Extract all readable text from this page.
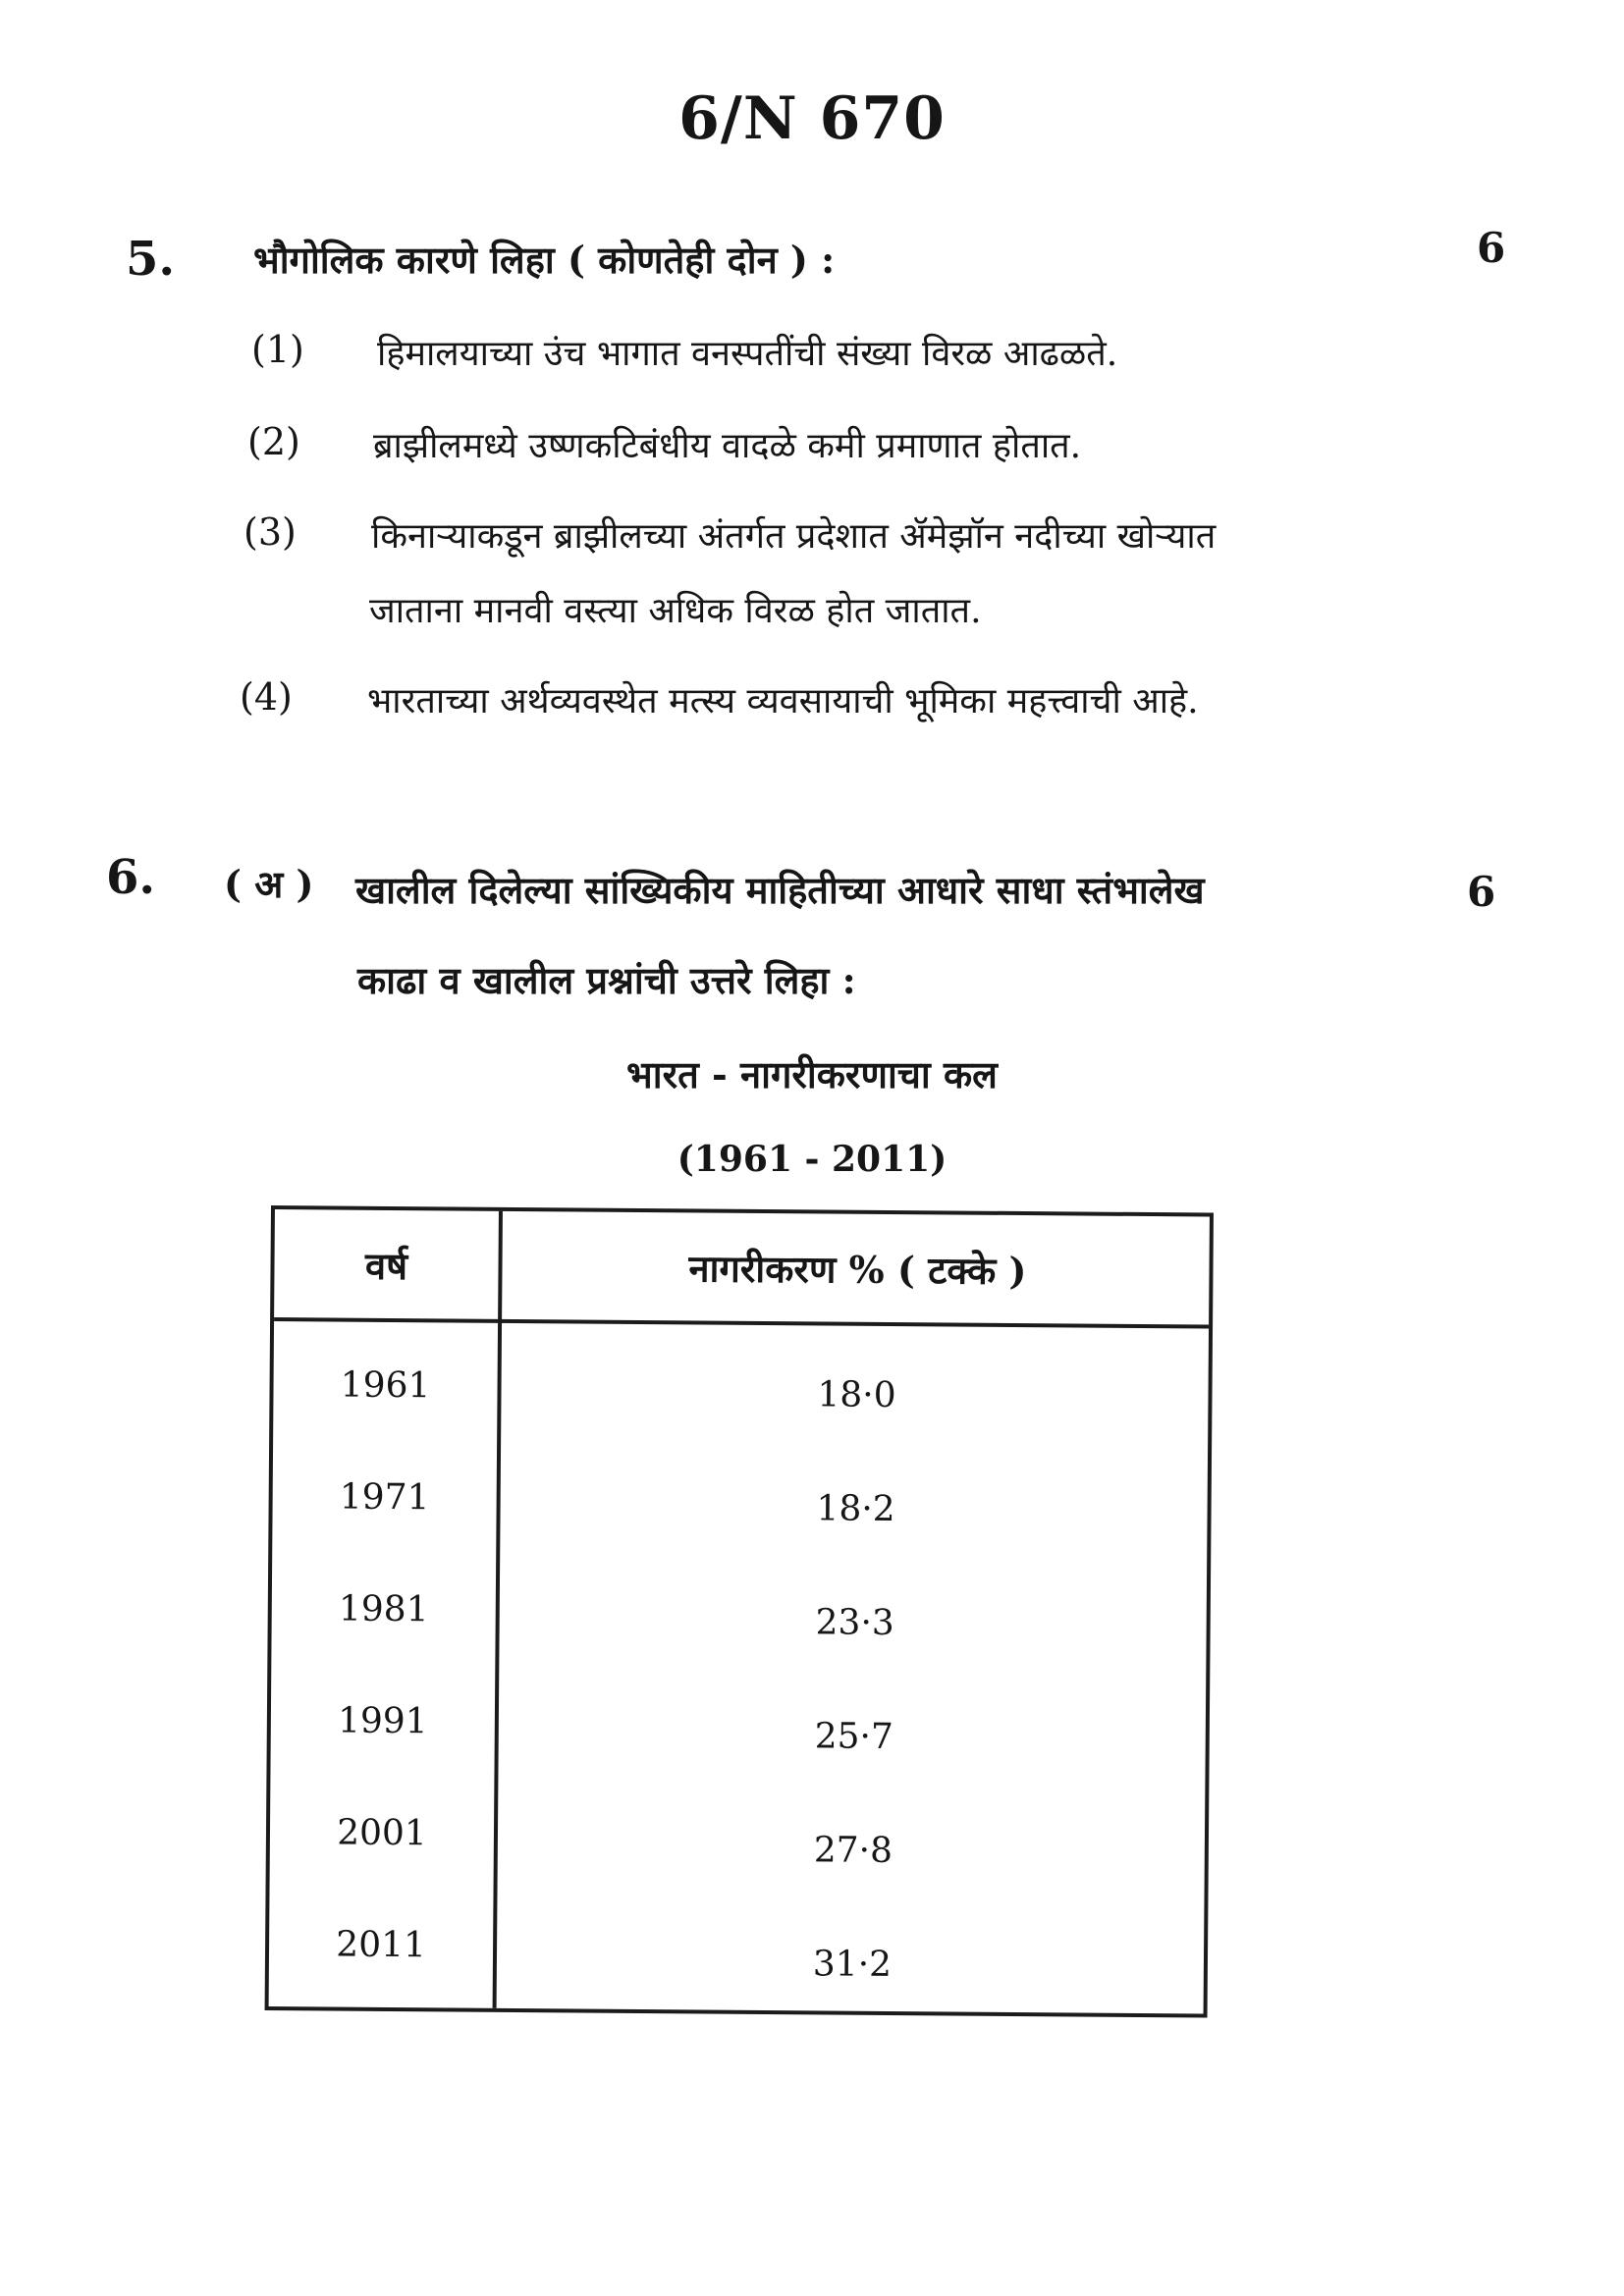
6/N 670
5. भौगोलिक कारणे लिहा ( कोणतेही दोन ) :	6
(1) हिमालयाच्या उंच भागात वनस्पतींची संख्या विरळ आढळते.
(2) ब्राझीलमध्ये उष्णकटिबंधीय वादळे कमी प्रमाणात होतात.
(3) किनाऱ्याकडून ब्राझीलच्या अंतर्गत प्रदेशात ॲमेझॉन नदीच्या खोऱ्यात
जाताना मानवी वस्त्या अधिक विरळ होत जातात.
(4) भारताच्या अर्थव्यवस्थेत मत्स्य व्यवसायाची भूमिका महत्त्वाची आहे.
6. ( अ ) खालील दिलेल्या सांख्यिकीय माहितीच्या आधारे साधा स्तंभालेख
काढा व खालील प्रश्नांची उत्तरे लिहा :
6
भारत - नागरीकरणाचा कल
(1961 - 2011)
वर्ष	नागरीकरण % ( टक्के )
1961	18·0
1971	18·2
1981	23·3
1991	25·7
2001	27·8
2011	31·2
